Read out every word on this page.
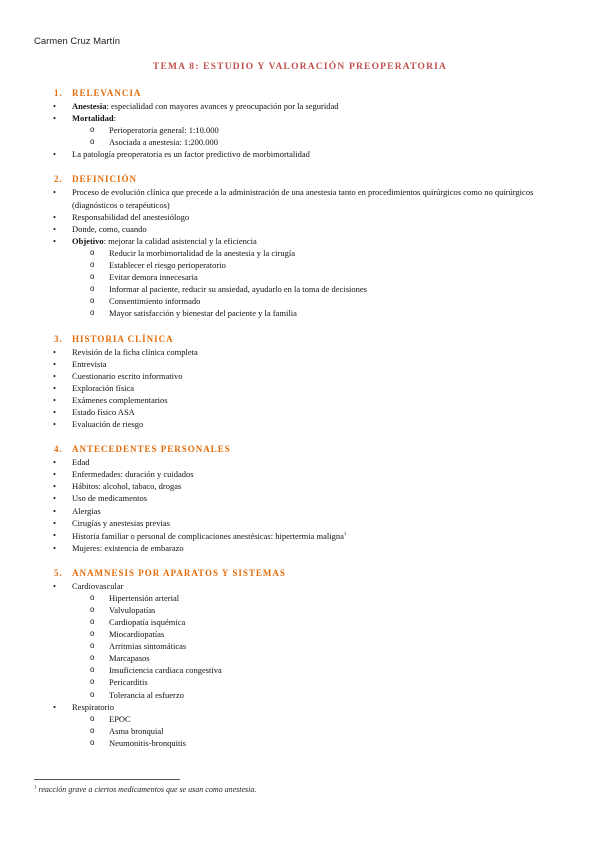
Carmen Cruz Martín
TEMA 8: ESTUDIO Y VALORACIÓN PREOPERATORIA
1. RELEVANCIA
• Anestesia: especialidad con mayores avances y preocupación por la seguridad
• Mortalidad:
o Perioperatoria general: 1:10.000
o Asociada a anestesia: 1:200.000
• La patología preoperatoria es un factor predictivo de morbimortalidad
2. DEFINICIÓN
• Proceso de evolución clínica que precede a la administración de una anestesia tanto en procedimientos quirúrgicos como no quirúrgicos (diagnósticos o terapéuticos)
• Responsabilidad del anestesiólogo
• Donde, como, cuando
• Objetivo: mejorar la calidad asistencial y la eficiencia
o Reducir la morbimortalidad de la anestesia y la cirugía
o Establecer el riesgo perioperatorio
o Evitar demora innecesaria
o Informar al paciente, reducir su ansiedad, ayudarlo en la toma de decisiones
o Consentimiento informado
o Mayor satisfacción y bienestar del paciente y la familia
3. HISTORIA CLÍNICA
• Revisión de la ficha clínica completa
• Entrevista
• Cuestionario escrito informativo
• Exploración física
• Exámenes complementarios
• Estado físico ASA
• Evaluación de riesgo
4. ANTECEDENTES PERSONALES
• Edad
• Enfermedades: duración y cuidados
• Hábitos: alcohol, tabaco, drogas
• Uso de medicamentos
• Alergias
• Cirugías y anestesias previas
• Historia familiar o personal de complicaciones anestésicas: hipertermia maligna$^1$
• Mujeres: existencia de embarazo
5. ANAMNESIS POR APARATOS Y SISTEMAS
• Cardiovascular
o Hipertensión arterial
o Valvulopatías
o Cardiopatía isquémica
o Miocardiopatías
o Arritmias sintomáticas
o Marcapasos
o Insuficiencia cardiaca congestiva
o Pericarditis
o Tolerancia al esfuerzo
• Respiratorio
o EPOC
o Asma bronquial
o Neumonitis-bronquitis
$^1$ reacción grave a ciertos medicamentos que se usan como anestesia.
